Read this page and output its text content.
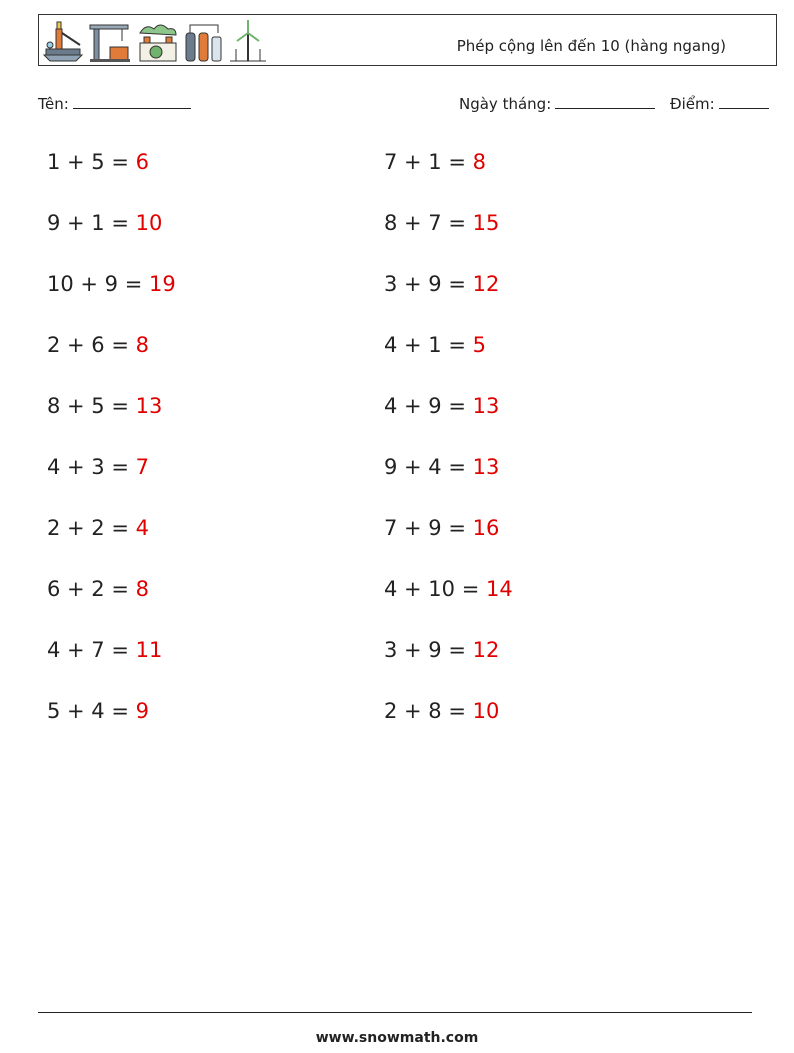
Phép cộng lên đến 10 (hàng ngang)
Tên:	Ngày tháng:	Điểm:
1 + 5 = 6
9 + 1 = 10
10 + 9 = 19
2 + 6 = 8
8 + 5 = 13
4 + 3 = 7
2 + 2 = 4
6 + 2 = 8
4 + 7 = 11
5 + 4 = 9
7 + 1 = 8
8 + 7 = 15
3 + 9 = 12
4 + 1 = 5
4 + 9 = 13
9 + 4 = 13
7 + 9 = 16
4 + 10 = 14
3 + 9 = 12
2 + 8 = 10
www.snowmath.com
